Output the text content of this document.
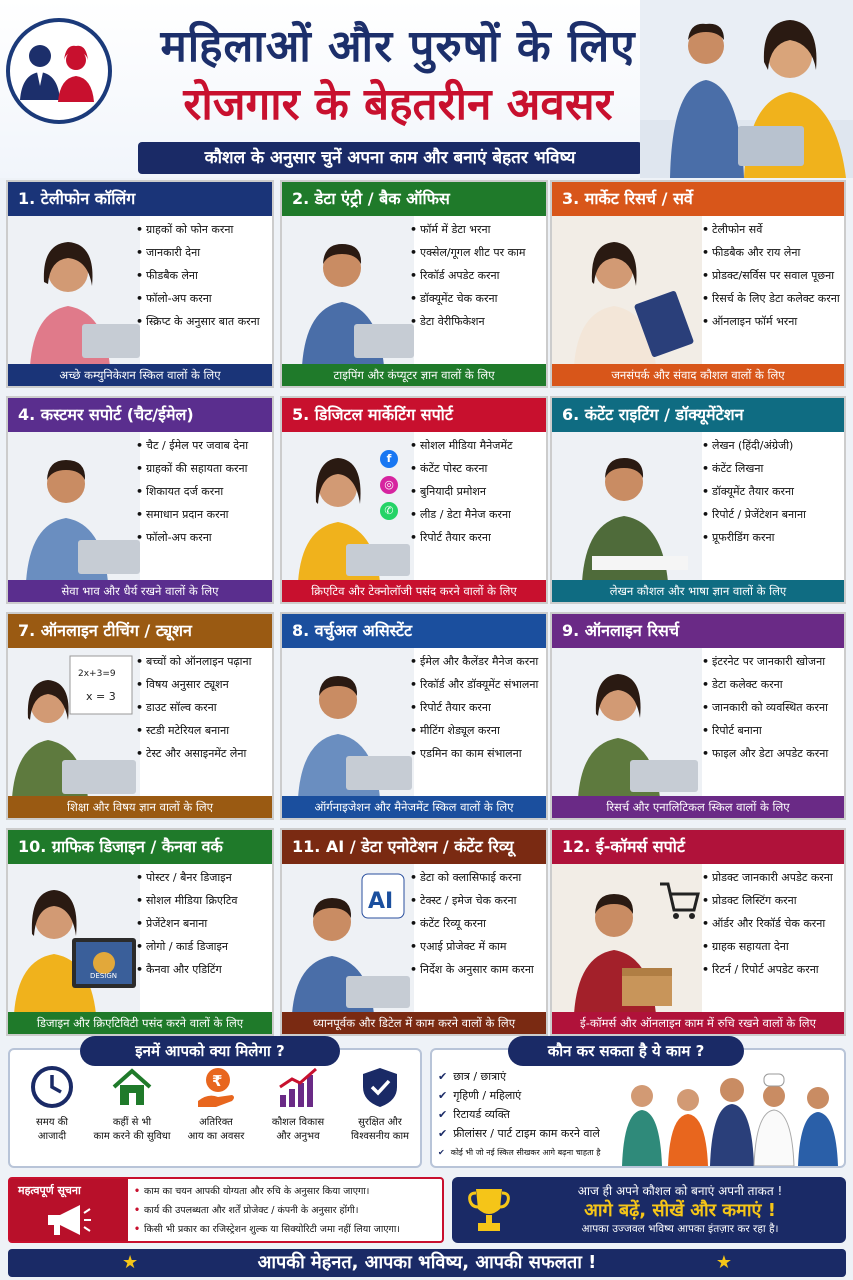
महिलाओं और पुरुषों के लिए
रोजगार के बेहतरीन अवसर
कौशल के अनुसार चुनें अपना काम और बनाएं बेहतर भविष्य
1. टेलीफोन कॉलिंग
• ग्राहकों को फोन करना
• जानकारी देना
• फीडबैक लेना
• फॉलो-अप करना
• स्क्रिप्ट के अनुसार बात करना
अच्छे कम्युनिकेशन स्किल वालों के लिए
2. डेटा एंट्री / बैक ऑफिस
• फॉर्म में डेटा भरना
• एक्सेल/गूगल शीट पर काम
• रिकॉर्ड अपडेट करना
• डॉक्यूमेंट चेक करना
• डेटा वेरीफिकेशन
टाइपिंग और कंप्यूटर ज्ञान वालों के लिए
3. मार्केट रिसर्च / सर्वे
• टेलीफोन सर्वे
• फीडबैक और राय लेना
• प्रोडक्ट/सर्विस पर सवाल पूछना
• रिसर्च के लिए डेटा कलेक्ट करना
• ऑनलाइन फॉर्म भरना
जनसंपर्क और संवाद कौशल वालों के लिए
4. कस्टमर सपोर्ट (चैट/ईमेल)
• चैट / ईमेल पर जवाब देना
• ग्राहकों की सहायता करना
• शिकायत दर्ज करना
• समाधान प्रदान करना
• फॉलो-अप करना
सेवा भाव और धैर्य रखने वालों के लिए
5. डिजिटल मार्केटिंग सपोर्ट
f
◎
✆
• सोशल मीडिया मैनेजमेंट
• कंटेंट पोस्ट करना
• बुनियादी प्रमोशन
• लीड / डेटा मैनेज करना
• रिपोर्ट तैयार करना
क्रिएटिव और टेक्नोलॉजी पसंद करने वालों के लिए
6. कंटेंट राइटिंग / डॉक्यूमेंटेशन
• लेखन (हिंदी/अंग्रेजी)
• कंटेंट लिखना
• डॉक्यूमेंट तैयार करना
• रिपोर्ट / प्रेजेंटेशन बनाना
• प्रूफरीडिंग करना
लेखन कौशल और भाषा ज्ञान वालों के लिए
7. ऑनलाइन टीचिंग / ट्यूशन
2x+3=9
x = 3
• बच्चों को ऑनलाइन पढ़ाना
• विषय अनुसार ट्यूशन
• डाउट सॉल्व करना
• स्टडी मटेरियल बनाना
• टेस्ट और असाइनमेंट लेना
शिक्षा और विषय ज्ञान वालों के लिए
8. वर्चुअल असिस्टेंट
• ईमेल और कैलेंडर मैनेज करना
• रिकॉर्ड और डॉक्यूमेंट संभालना
• रिपोर्ट तैयार करना
• मीटिंग शेड्यूल करना
• एडमिन का काम संभालना
ऑर्गनाइजेशन और मैनेजमेंट स्किल वालों के लिए
9. ऑनलाइन रिसर्च
• इंटरनेट पर जानकारी खोजना
• डेटा कलेक्ट करना
• जानकारी को व्यवस्थित करना
• रिपोर्ट बनाना
• फाइल और डेटा अपडेट करना
रिसर्च और एनालिटिकल स्किल वालों के लिए
10. ग्राफिक डिजाइन / कैनवा वर्क
DESIGN
• पोस्टर / बैनर डिजाइन
• सोशल मीडिया क्रिएटिव
• प्रेजेंटेशन बनाना
• लोगो / कार्ड डिजाइन
• कैनवा और एडिटिंग
डिजाइन और क्रिएटिविटी पसंद करने वालों के लिए
11. AI / डेटा एनोटेशन / कंटेंट रिव्यू
AI
• डेटा को क्लासिफाई करना
• टेक्स्ट / इमेज चेक करना
• कंटेंट रिव्यू करना
• एआई प्रोजेक्ट में काम
• निर्देश के अनुसार काम करना
ध्यानपूर्वक और डिटेल में काम करने वालों के लिए
12. ई-कॉमर्स सपोर्ट
• प्रोडक्ट जानकारी अपडेट करना
• प्रोडक्ट लिस्टिंग करना
• ऑर्डर और रिकॉर्ड चेक करना
• ग्राहक सहायता देना
• रिटर्न / रिपोर्ट अपडेट करना
ई-कॉमर्स और ऑनलाइन काम में रुचि रखने वालों के लिए
इनमें आपको क्या मिलेगा ?
समय की
आजादी
कहीं से भी
काम करने की सुविधा
₹
अतिरिक्त
आय का अवसर
कौशल विकास
और अनुभव
सुरक्षित और
विश्वसनीय काम
कौन कर सकता है ये काम ?
✔ छात्र / छात्राएं
✔ गृहिणी / महिलाएं
✔ रिटायर्ड व्यक्ति
✔ फ्रीलांसर / पार्ट टाइम काम करने वाले
✔ कोई भी जो नई स्किल सीखकर आगे बढ़ना चाहता है
महत्वपूर्ण सूचना
•	काम का चयन आपकी योग्यता और रुचि के अनुसार किया जाएगा।
• कार्य की उपलब्धता और शर्तें प्रोजेक्ट / कंपनी के अनुसार होंगी।
• किसी भी प्रकार का रजिस्ट्रेशन शुल्क या सिक्योरिटी जमा नहीं लिया जाएगा।
आज ही अपने कौशल को बनाएं अपनी ताकत !
आगे बढ़ें, सीखें और कमाएं !
आपका उज्जवल भविष्य आपका इंतज़ार कर रहा है।
★	आपकी मेहनत, आपका भविष्य, आपकी सफलता !	★
